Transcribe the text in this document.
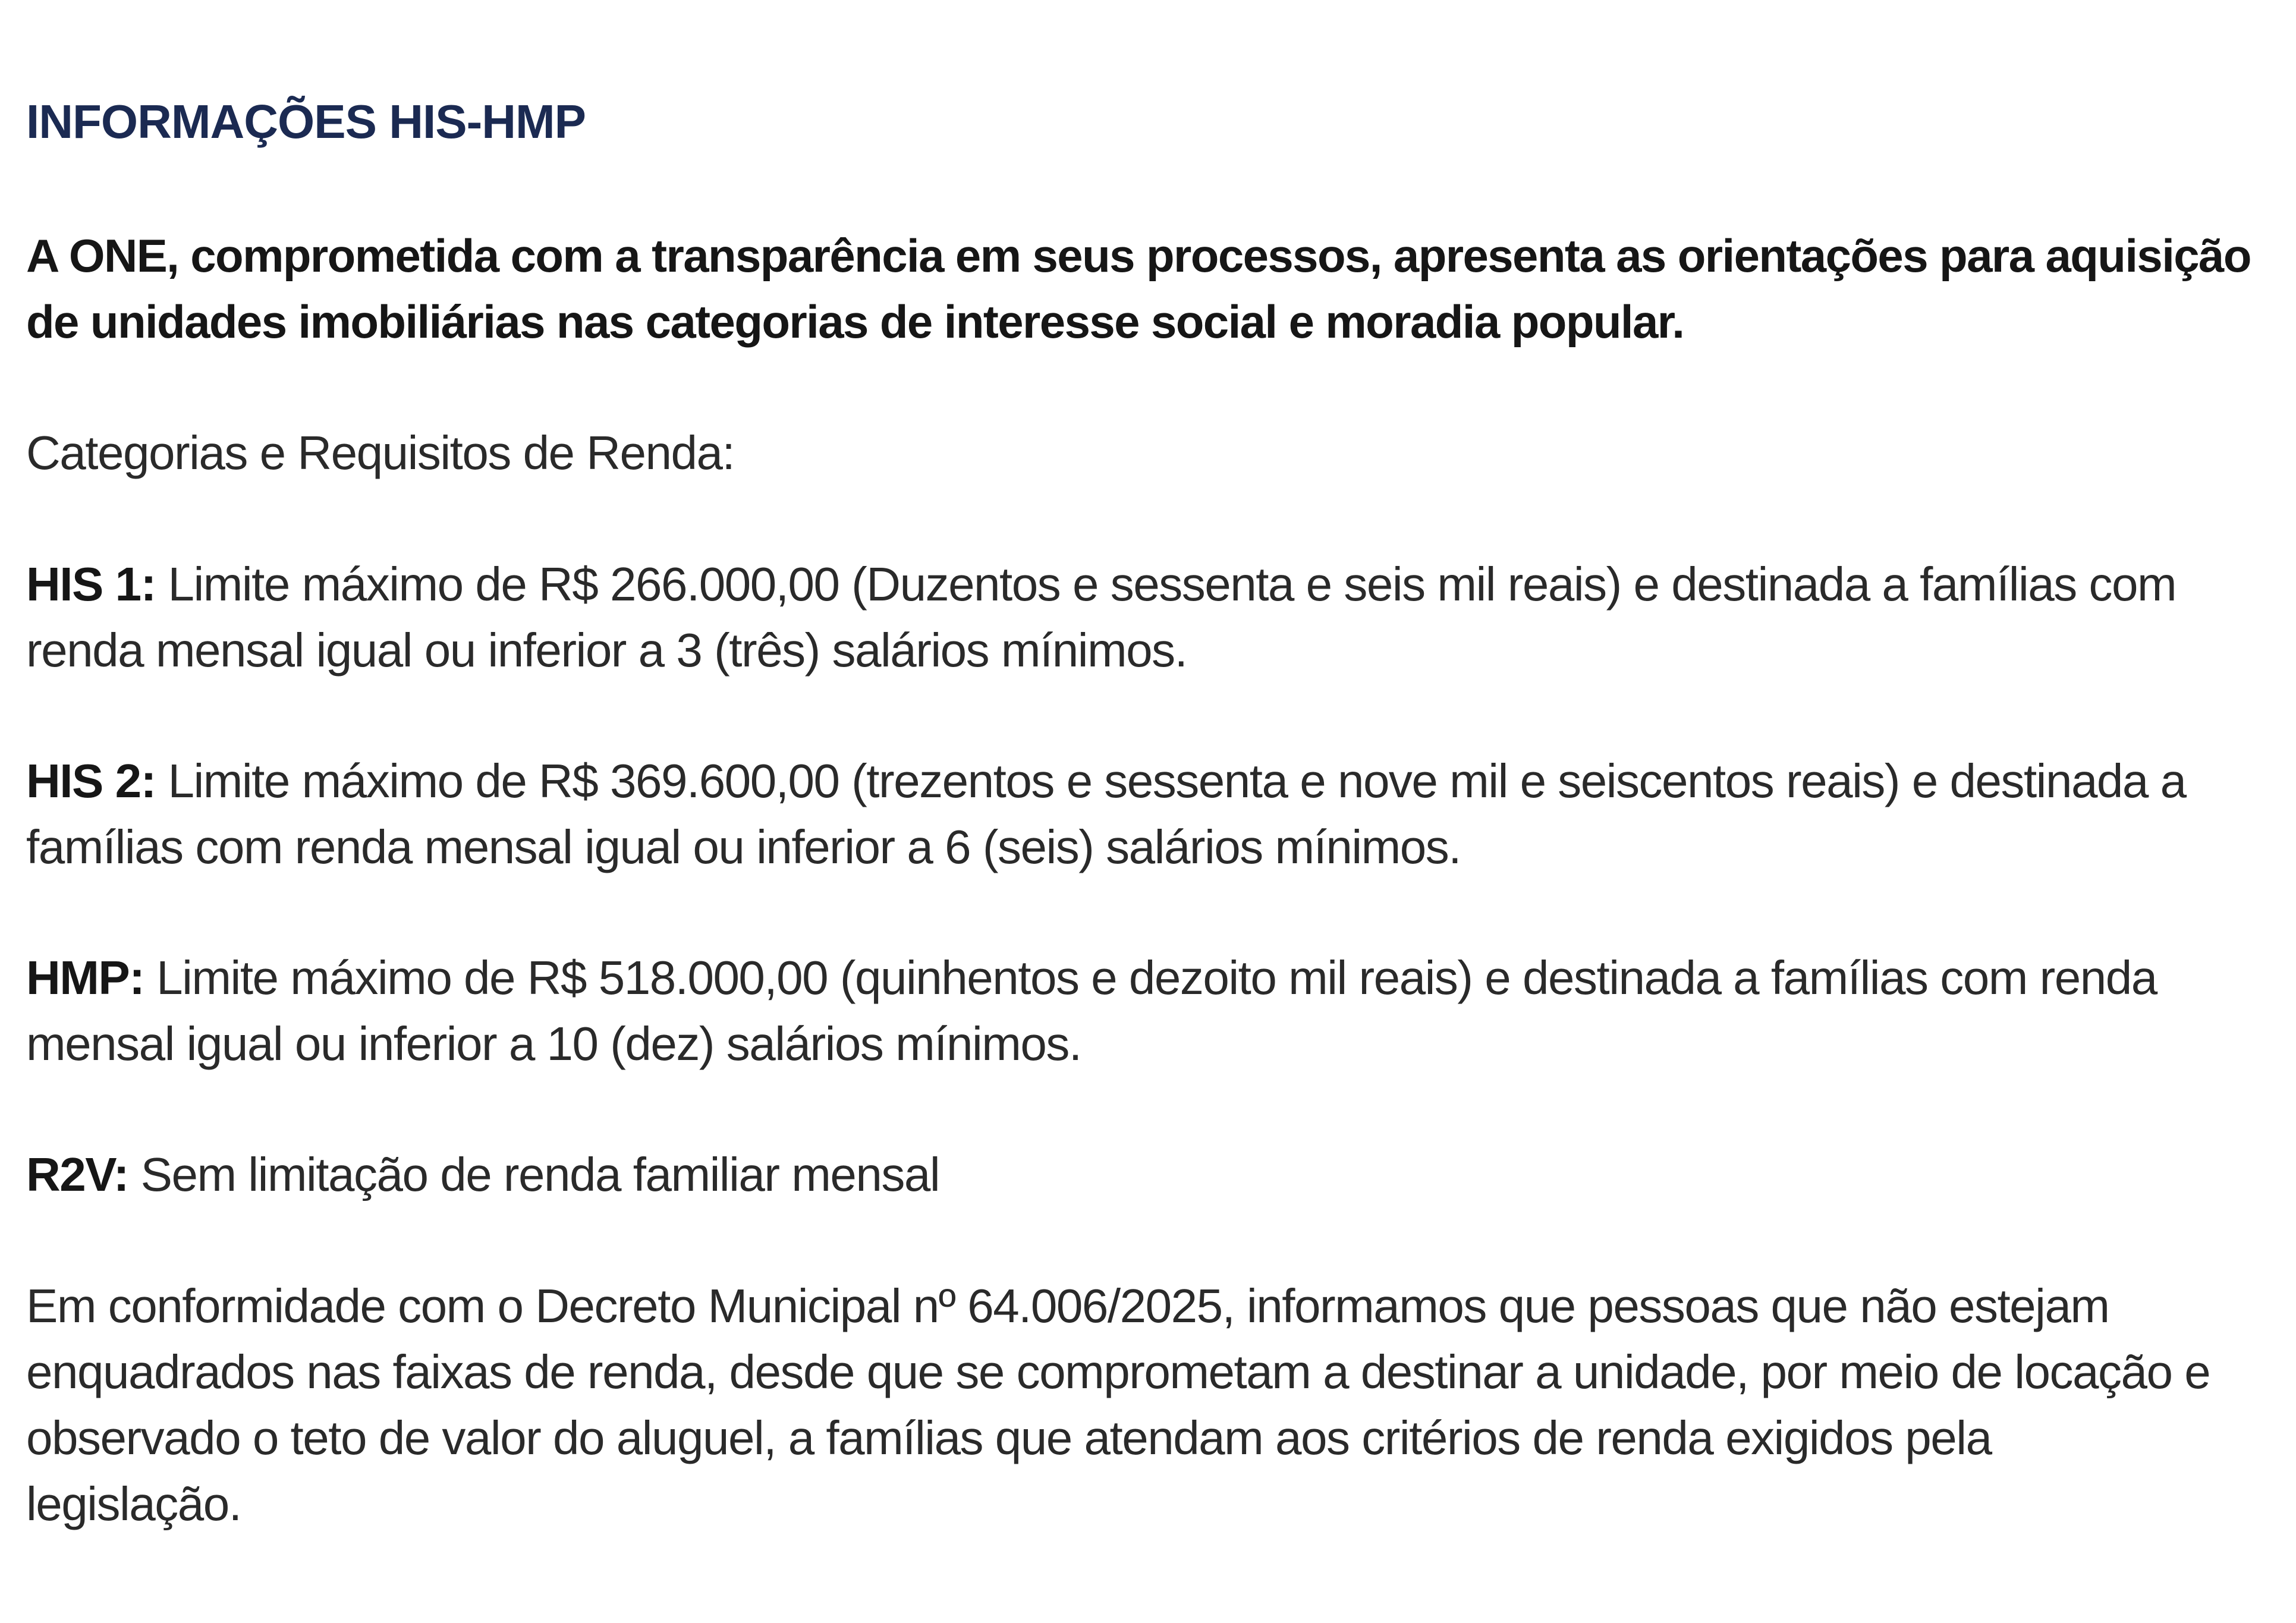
INFORMAÇÕES HIS-HMP

A ONE, comprometida com a transparência em seus processos, apresenta as orientações para aquisição
de unidades imobiliárias nas categorias de interesse social e moradia popular.

Categorias e Requisitos de Renda:

HIS 1: Limite máximo de R$ 266.000,00 (Duzentos e sessenta e seis mil reais) e destinada a famílias com
renda mensal igual ou inferior a 3 (três) salários mínimos.

HIS 2: Limite máximo de R$ 369.600,00 (trezentos e sessenta e nove mil e seiscentos reais) e destinada a
famílias com renda mensal igual ou inferior a 6 (seis) salários mínimos.

HMP: Limite máximo de R$ 518.000,00 (quinhentos e dezoito mil reais) e destinada a famílias com renda
mensal igual ou inferior a 10 (dez) salários mínimos.

R2V: Sem limitação de renda familiar mensal

Em conformidade com o Decreto Municipal nº 64.006/2025, informamos que pessoas que não estejam
enquadrados nas faixas de renda, desde que se comprometam a destinar a unidade, por meio de locação e
observado o teto de valor do aluguel, a famílias que atendam aos critérios de renda exigidos pela
legislação.
